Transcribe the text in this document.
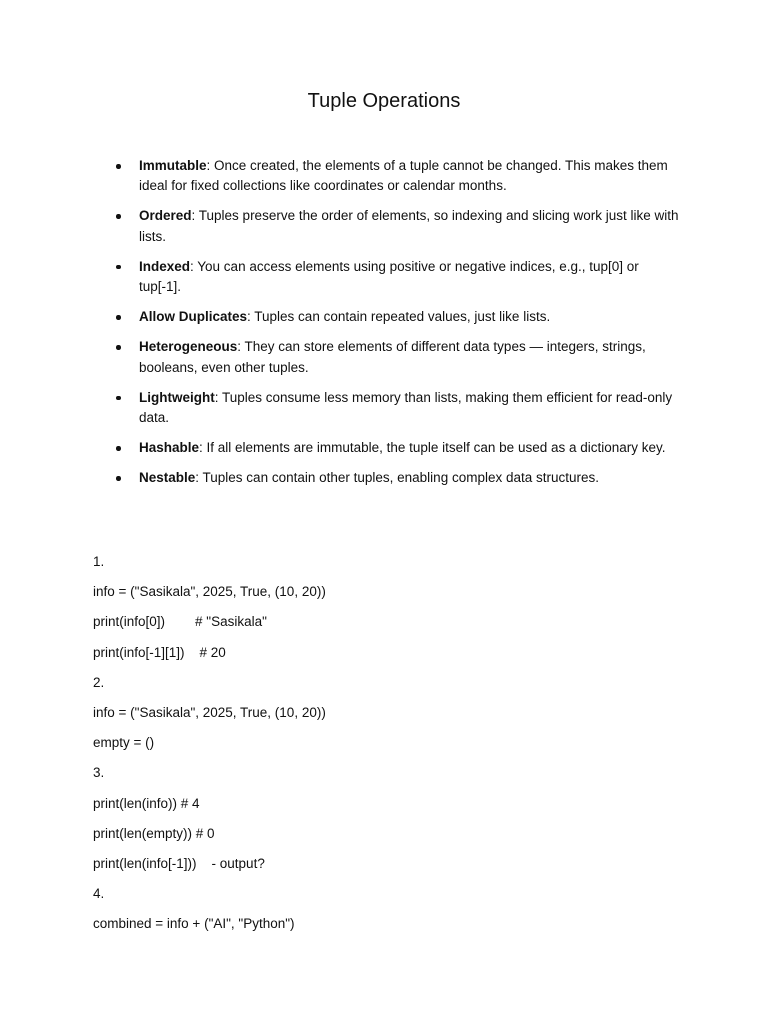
Tuple Operations
Immutable: Once created, the elements of a tuple cannot be changed. This makes them ideal for fixed collections like coordinates or calendar months.
Ordered: Tuples preserve the order of elements, so indexing and slicing work just like with lists.
Indexed: You can access elements using positive or negative indices, e.g., tup[0] or tup[-1].
Allow Duplicates: Tuples can contain repeated values, just like lists.
Heterogeneous: They can store elements of different data types — integers, strings, booleans, even other tuples.
Lightweight: Tuples consume less memory than lists, making them efficient for read-only data.
Hashable: If all elements are immutable, the tuple itself can be used as a dictionary key.
Nestable: Tuples can contain other tuples, enabling complex data structures.

1.

info = ("Sasikala", 2025, True, (10, 20))

print(info[0])        # "Sasikala"

print(info[-1][1])    # 20

2.

info = ("Sasikala", 2025, True, (10, 20))

empty = ()

3.

print(len(info)) # 4

print(len(empty)) # 0

print(len(info[-1]))    - output?

4.

combined = info + ("AI", "Python")
